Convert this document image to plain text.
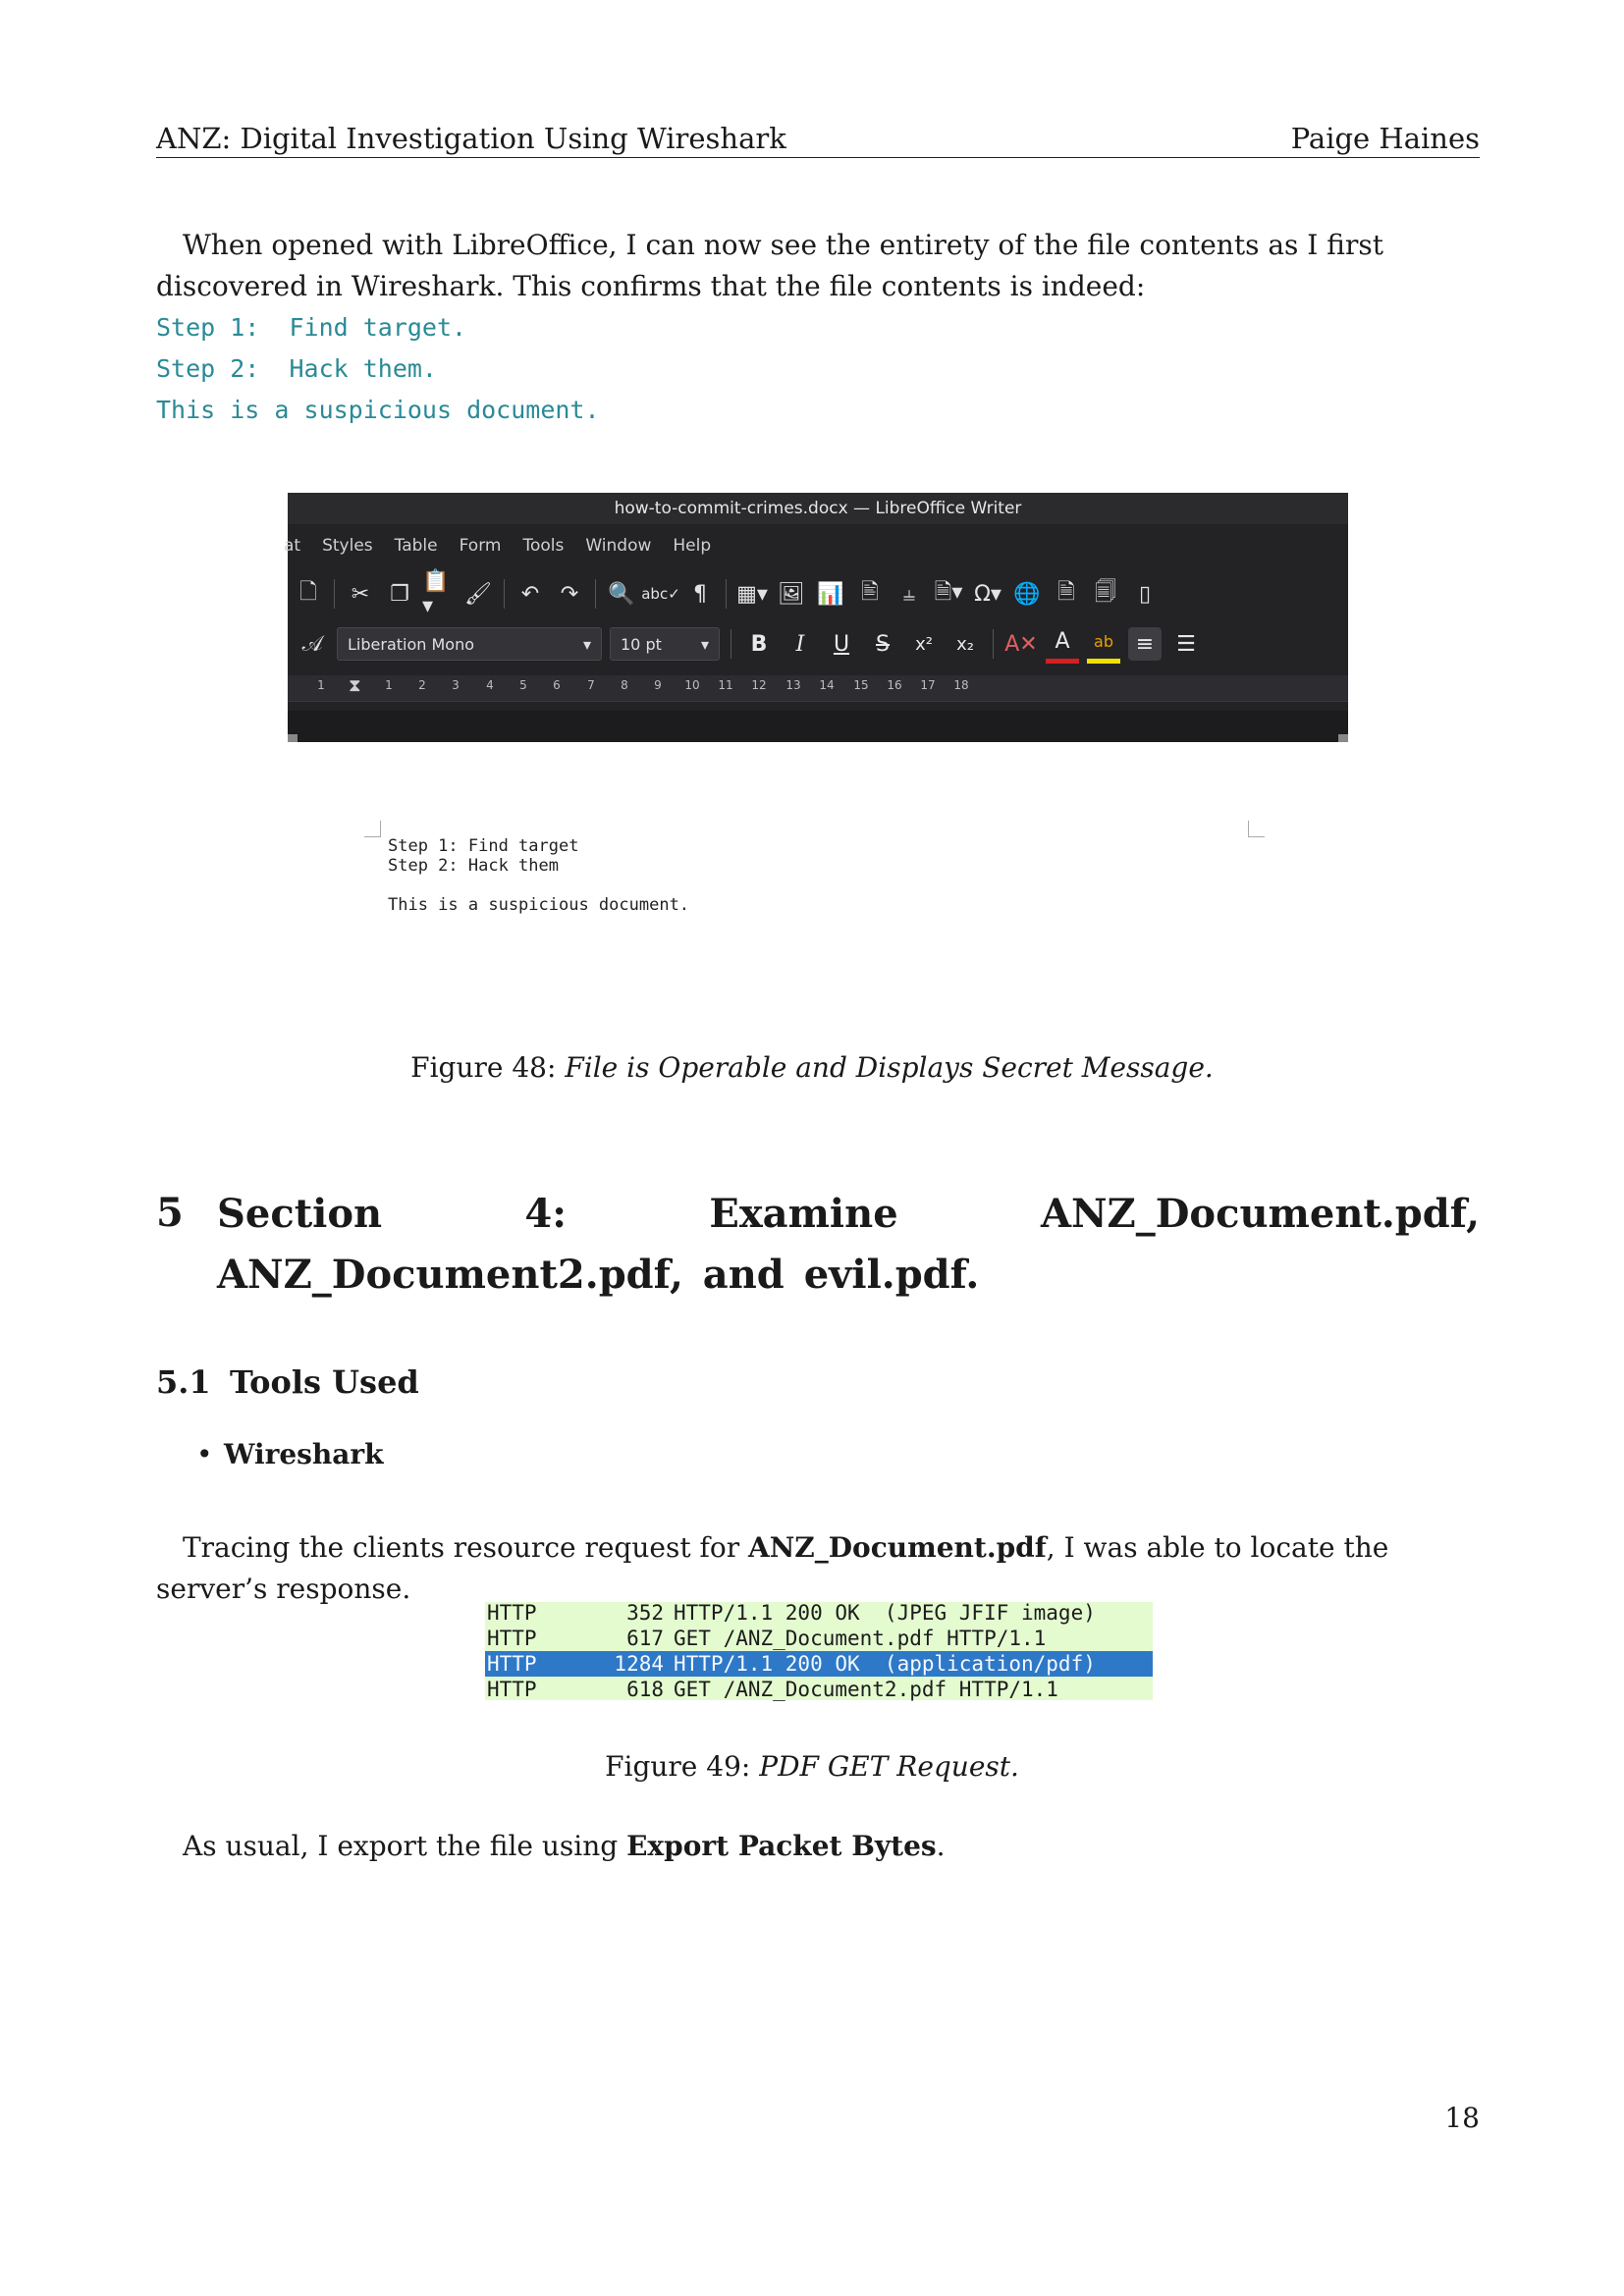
ANZ: Digital Investigation Using Wireshark	Paige Haines
When opened with LibreOffice, I can now see the entirety of the file contents as I first discovered in Wireshark. This confirms that the file contents is indeed:
Step 1:  Find target.
Step 2:  Hack them.
This is a suspicious document.
how-to-commit-crimes.docx — LibreOffice Writer
at Styles Table Form Tools Window Help
🗋	✂ ❐ 📋▾	🖌	↶ ↷	🔍 abc✓ ¶	▦▾ 🖼 📊 🖹	⫨ 🗎▾ Ω▾ 🌐 🗎 🗐	▯
𝒜	Liberation Mono	▾ 10 pt	▾	B	I	U	S	x²	x₂	A✕ A	ab	≡	☰
1 ⧗ 1 2 3 4 5 6 7 8 9 10 11 12 13 14 15 16 17 18
Step 1: Find target
Step 2: Hack them
This is a suspicious document.
Figure 48: File is Operable and Displays Secret Message.
5 Section 4: Examine ANZ_Document.pdf, ANZ_Document2.pdf, and evil.pdf.
5.1 Tools Used
• Wireshark
Tracing the clients resource request for ANZ_Document.pdf, I was able to locate the server’s response.
HTTP	352 HTTP/1.1 200 OK  (JPEG JFIF image)
HTTP	617 GET /ANZ_Document.pdf HTTP/1.1
HTTP	1284 HTTP/1.1 200 OK  (application/pdf)
HTTP	618 GET /ANZ_Document2.pdf HTTP/1.1
Figure 49: PDF GET Request.
As usual, I export the file using Export Packet Bytes.
18
